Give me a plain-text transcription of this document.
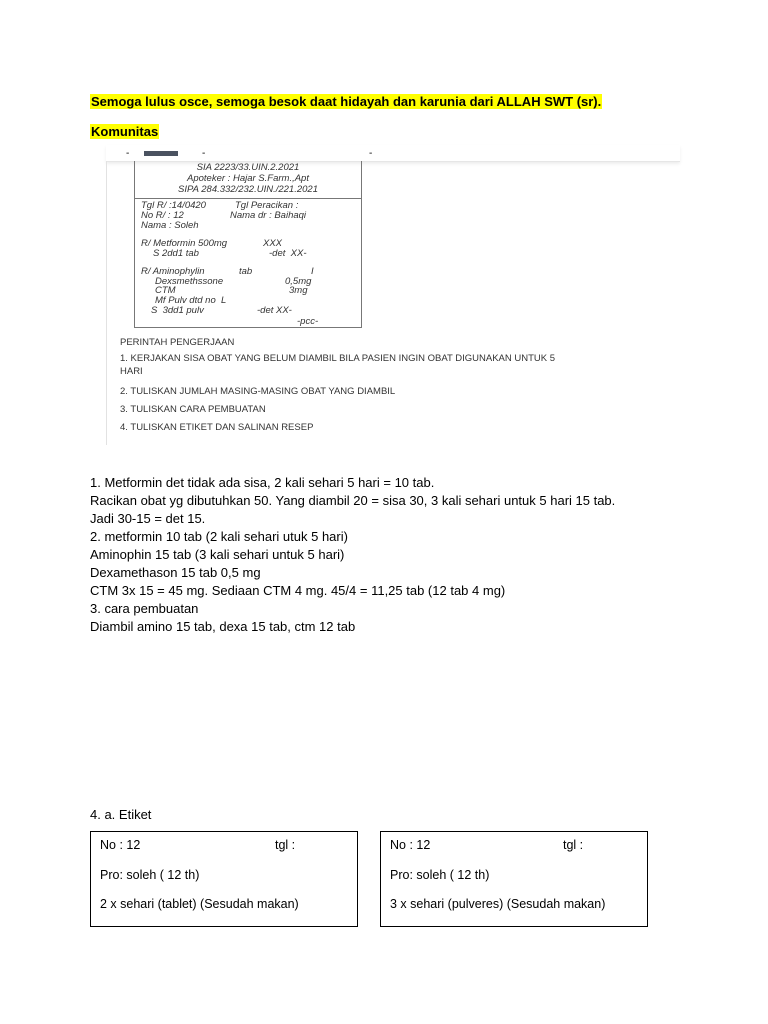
Semoga lulus osce, semoga besok daat hidayah dan karunia dari ALLAH SWT (sr).
Komunitas
-	-	-
SIA 2223/33.UIN.2.2021
Apoteker : Hajar S.Farm.,Apt
SIPA 284.332/232.UIN./221.2021
Tgl R/ :14/0420	Tgl Peracikan :
No R/ : 12	Nama dr : Baihaqi
Nama : Soleh
R/ Metformin 500mg	XXX
S 2dd1 tab	-det  XX-
R/ Aminophylin	tab	I
Dexsmethssone	0,5mg
CTM	3mg
Mf Pulv dtd no  L
S  3dd1 pulv	-det XX-
-pcc-
PERINTAH PENGERJAAN
1. KERJAKAN SISA OBAT YANG BELUM DIAMBIL BILA PASIEN INGIN OBAT DIGUNAKAN UNTUK 5
HARI
2. TULISKAN JUMLAH MASING-MASING OBAT YANG DIAMBIL
3. TULISKAN CARA PEMBUATAN
4. TULISKAN ETIKET DAN SALINAN RESEP
1. Metformin det tidak ada sisa, 2 kali sehari 5 hari = 10 tab.
Racikan obat yg dibutuhkan 50. Yang diambil 20 = sisa 30, 3 kali sehari untuk 5 hari 15 tab.
Jadi 30-15 = det 15.
2. metformin 10 tab (2 kali sehari utuk 5 hari)
Aminophin 15 tab (3 kali sehari untuk 5 hari)
Dexamethason 15 tab 0,5 mg
CTM 3x 15 = 45 mg. Sediaan CTM 4 mg. 45/4 = 11,25 tab (12 tab 4 mg)
3. cara pembuatan
Diambil amino 15 tab, dexa 15 tab, ctm 12 tab
4. a. Etiket
No : 12	tgl :
Pro: soleh ( 12 th)
2 x sehari (tablet) (Sesudah makan)
No : 12	tgl :
Pro: soleh ( 12 th)
3 x sehari (pulveres) (Sesudah makan)
